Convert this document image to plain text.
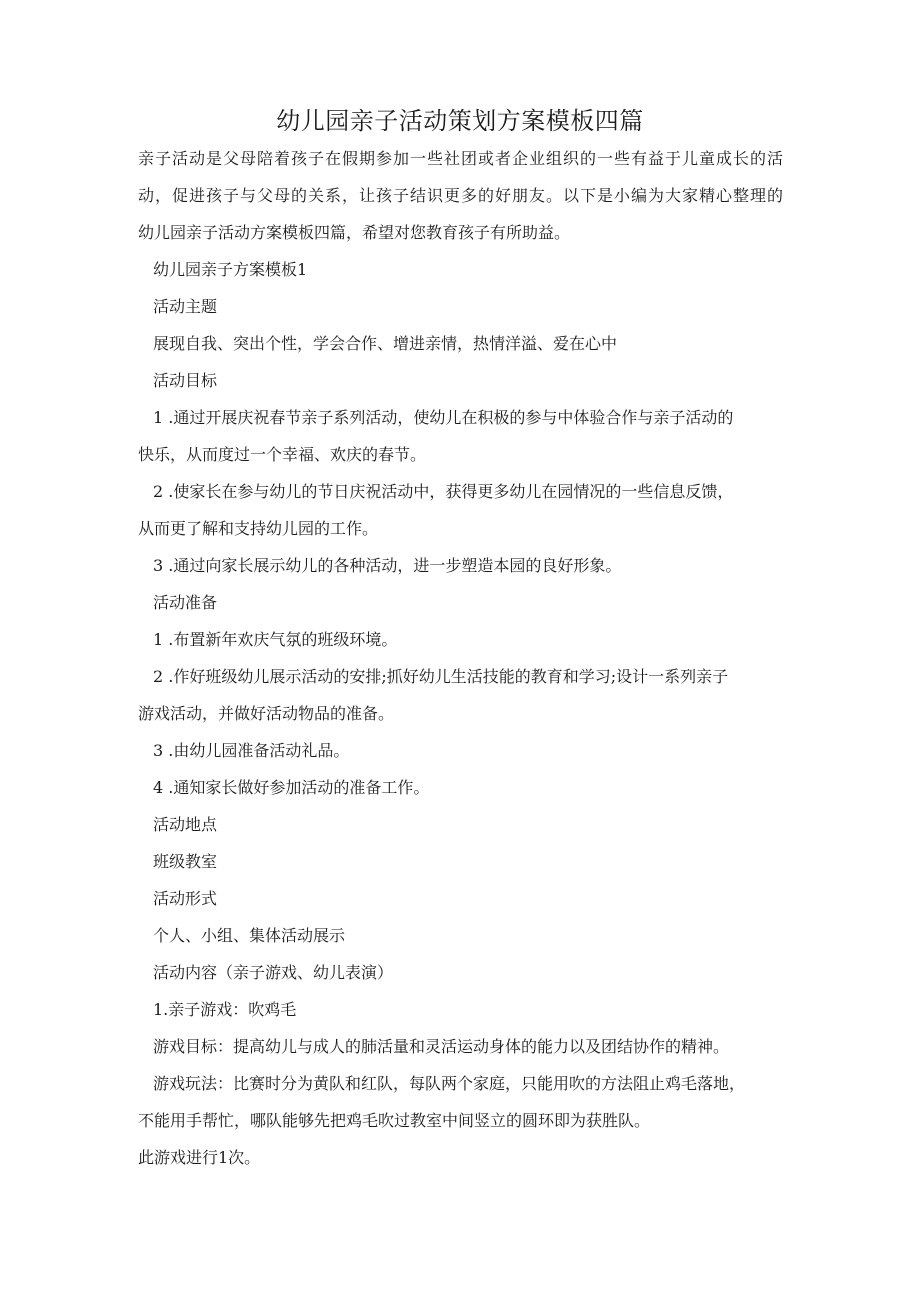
幼儿园亲子活动策划方案模板四篇

亲子活动是父母陪着孩子在假期参加一些社团或者企业组织的一些有益于儿童成长的活

动，促进孩子与父母的关系，让孩子结识更多的好朋友。以下是小编为大家精心整理的

幼儿园亲子活动方案模板四篇，希望对您教育孩子有所助益。

幼儿园亲子方案模板1

活动主题

展现自我、突出个性，学会合作、增进亲情，热情洋溢、爱在心中

活动目标

1 .通过开展庆祝春节亲子系列活动，使幼儿在积极的参与中体验合作与亲子活动的

快乐，从而度过一个幸福、欢庆的春节。

2 .使家长在参与幼儿的节日庆祝活动中，获得更多幼儿在园情况的一些信息反馈，

从而更了解和支持幼儿园的工作。

3 .通过向家长展示幼儿的各种活动，进一步塑造本园的良好形象。

活动准备

1 .布置新年欢庆气氛的班级环境。

2 .作好班级幼儿展示活动的安排;抓好幼儿生活技能的教育和学习;设计一系列亲子

游戏活动，并做好活动物品的准备。

3 .由幼儿园准备活动礼品。

4 .通知家长做好参加活动的准备工作。

活动地点

班级教室

活动形式

个人、小组、集体活动展示

活动内容（亲子游戏、幼儿表演）

1.亲子游戏：吹鸡毛

游戏目标：提高幼儿与成人的肺活量和灵活运动身体的能力以及团结协作的精神。

游戏玩法：比赛时分为黄队和红队，每队两个家庭，只能用吹的方法阻止鸡毛落地，

不能用手帮忙，哪队能够先把鸡毛吹过教室中间竖立的圆环即为获胜队。

此游戏进行1次。
